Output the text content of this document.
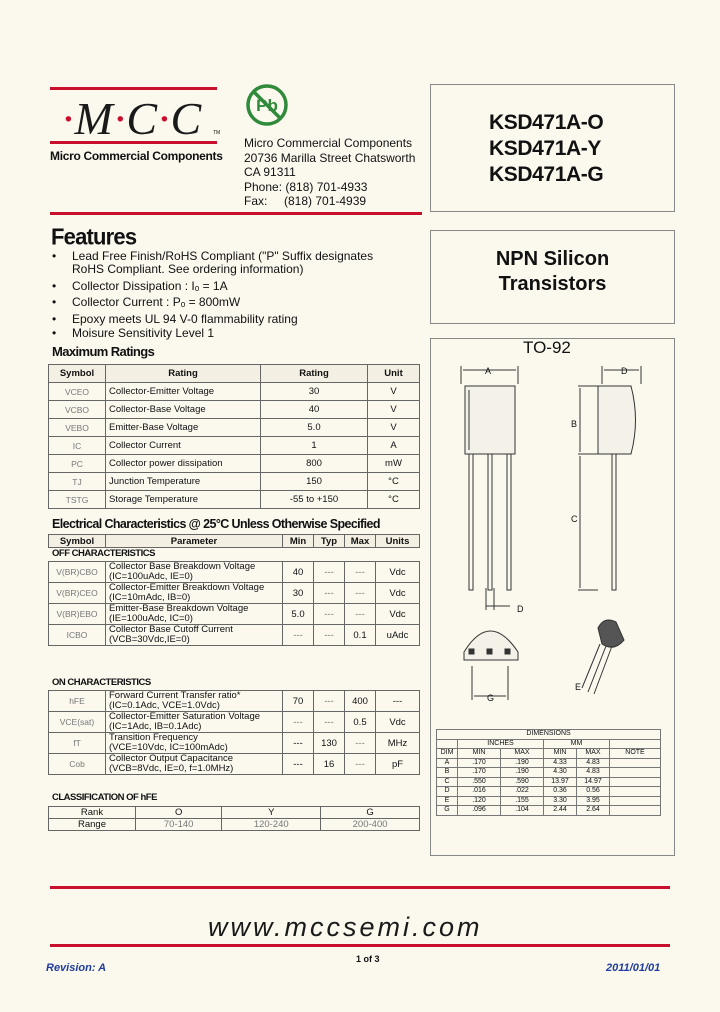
·M·C·C TM
Micro Commercial Components
Pb
Micro Commercial Components
20736 Marilla Street Chatsworth
CA 91311
Phone: (818) 701-4933
Fax:     (818) 701-4939
KSD471A-O
KSD471A-Y
KSD471A-G
NPN Silicon
Transistors
Features
• Lead Free Finish/RoHS Compliant ("P" Suffix designates
RoHS Compliant. See ordering information)
• Collector Dissipation : Iₒ = 1A
• Collector Current : Pₒ = 800mW
• Epoxy meets UL 94 V-0 flammability rating
• Moisure Sensitivity Level 1
Maximum Ratings
Symbol	Rating	Rating	Unit
VCEO	Collector-Emitter Voltage	30	V
VCBO	Collector-Base Voltage	40	V
VEBO	Emitter-Base Voltage	5.0	V
IC	Collector Current	1	A
PC	Collector power dissipation	800	mW
TJ	Junction Temperature	150	°C
TSTG	Storage Temperature	-55 to +150	°C
Electrical Characteristics @ 25°C Unless Otherwise Specified
Symbol	Parameter	Min	Typ	Max	Units
OFF CHARACTERISTICS
V(BR)CBO	Collector Base Breakdown Voltage
(IC=100uAdc, IE=0)	40	---	---	Vdc
V(BR)CEO	Collector-Emitter Breakdown Voltage
(IC=10mAdc, IB=0)	30	---	---	Vdc
V(BR)EBO	Emitter-Base Breakdown Voltage
(IE=100uAdc, IC=0)	5.0	---	---	Vdc
ICBO	Collector Base Cutoff Current
(VCB=30Vdc,IE=0)	---	---	0.1	uAdc
ON CHARACTERISTICS
hFE	Forward Current Transfer ratio*
(IC=0.1Adc, VCE=1.0Vdc)	70	---	400	---
VCE(sat)	Collector-Emitter Saturation Voltage
(IC=1Adc, IB=0.1Adc)	---	---	0.5	Vdc
fT	Transition Frequency
(VCE=10Vdc, IC=100mAdc)	---	130	---	MHz
Cob	Collector Output Capacitance
(VCB=8Vdc, IE=0, f=1.0MHz)	---	16	---	pF
CLASSIFICATION OF hFE
Rank	O	Y	G
Range	70-140	120-240	200-400
TO-92
A	D
B
C
D
E
G
DIMENSIONS					
	INCHES		MM		
DIM	MIN	MAX	MIN	MAX	NOTE
A	.170	.190	4.33	4.83	
B	.170	.190	4.30	4.83	
C	.550	.590	13.97	14.97	
D	.016	.022	0.36	0.56	
E	.120	.155	3.30	3.95	
G	.096	.104	2.44	2.64	
www.mccsemi.com
Revision: A
1 of 3
2011/01/01
